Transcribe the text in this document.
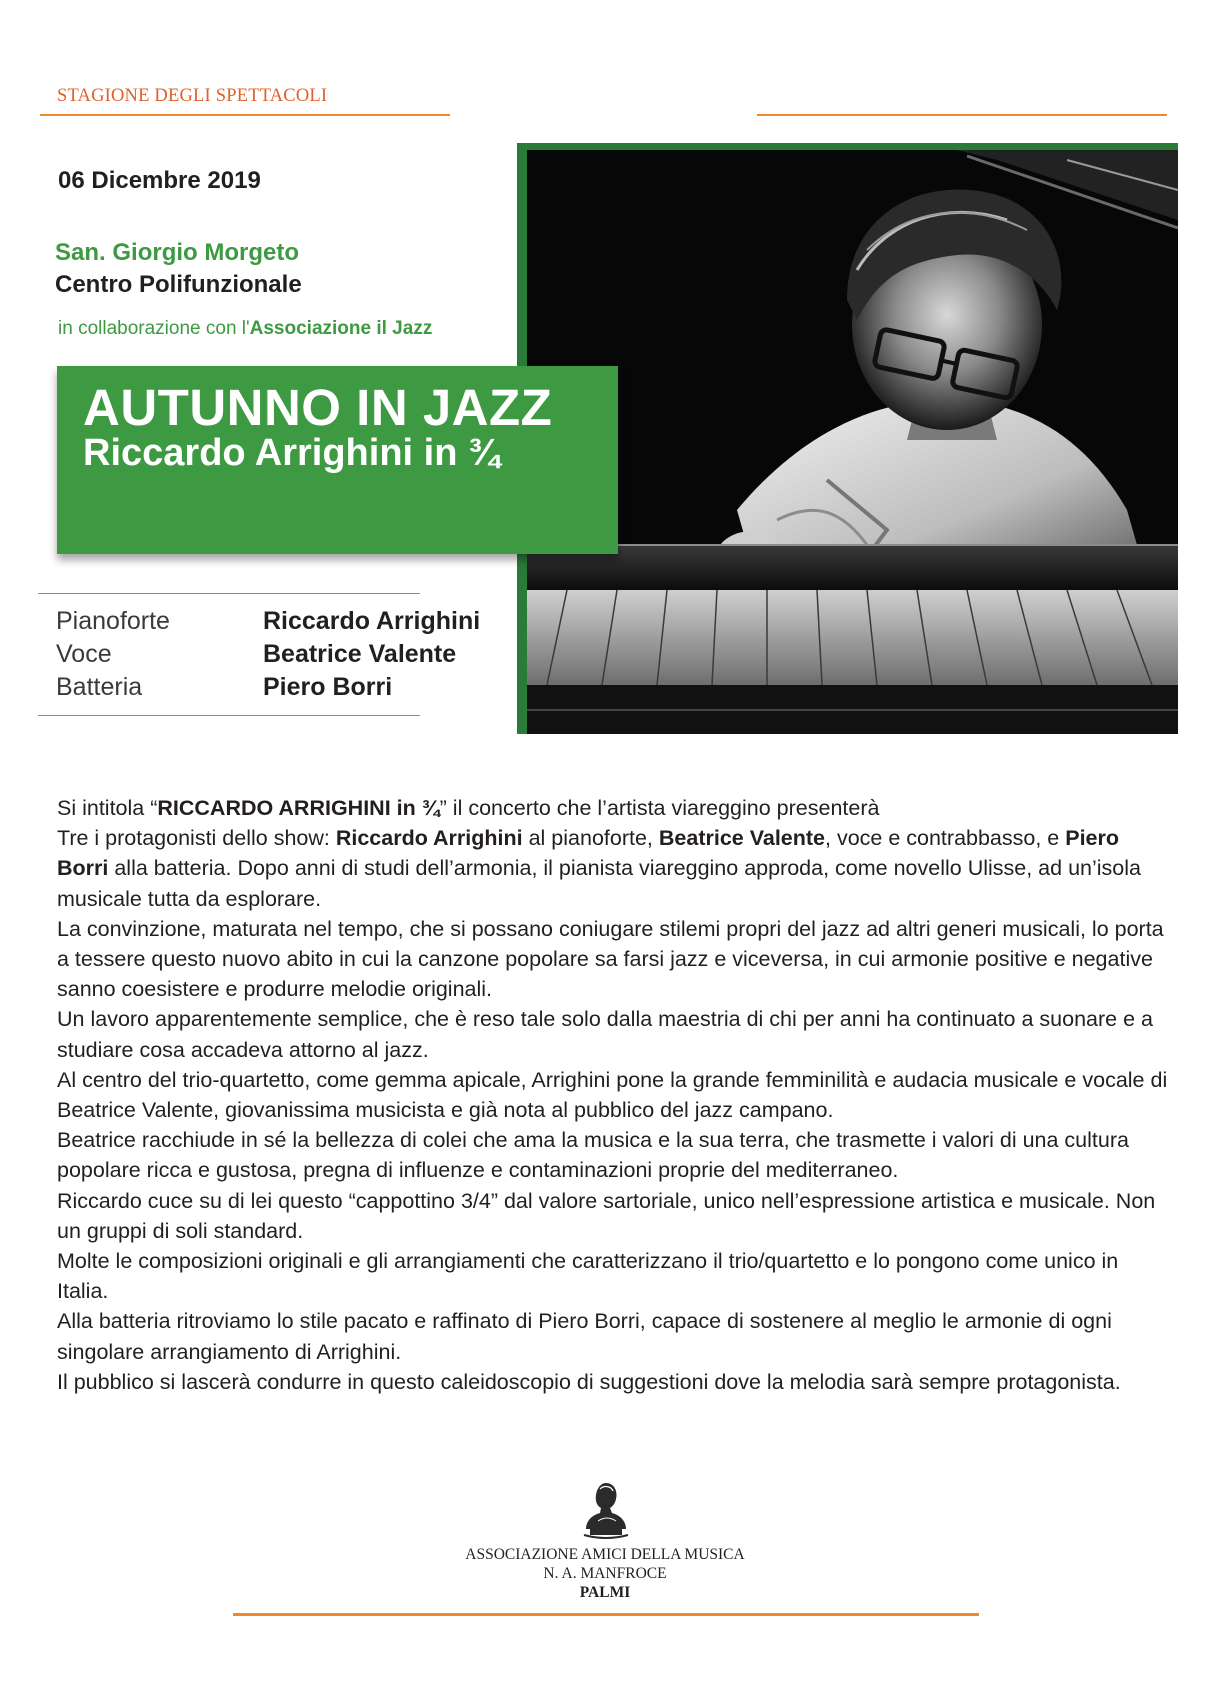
STAGIONE DEGLI SPETTACOLI
06 Dicembre 2019
San. Giorgio Morgeto
Centro Polifunzionale
in collaborazione con l'Associazione il Jazz
AUTUNNO IN JAZZ
Riccardo Arrighini in ¾
Pianoforte	Riccardo Arrighini
Voce	Beatrice Valente
Batteria	Piero Borri

Si intitola “RICCARDO ARRIGHINI in ¾” il concerto che l’artista viareggino presenterà

Tre i protagonisti dello show: Riccardo Arrighini al pianoforte, Beatrice Valente, voce e contrabbasso, e Piero Borri alla batteria. Dopo anni di studi dell’armonia, il pianista viareggino approda, come novello Ulisse, ad un’isola musicale tutta da esplorare.

La convinzione, maturata nel tempo, che si possano coniugare stilemi propri del jazz ad altri generi musicali, lo porta a tessere questo nuovo abito in cui la canzone popolare sa farsi jazz e viceversa, in cui armonie positive e negative sanno coesistere e produrre melodie originali.

Un lavoro apparentemente semplice, che è reso tale solo dalla maestria di chi per anni ha continuato a suonare e a studiare cosa accadeva attorno al jazz.

Al centro del trio-quartetto, come gemma apicale, Arrighini pone la grande femminilità e audacia musicale e vocale di Beatrice Valente, giovanissima musicista e già nota al pubblico del jazz campano.

Beatrice racchiude in sé la bellezza di colei che ama la musica e la sua terra, che trasmette i valori di una cultura popolare ricca e gustosa, pregna di influenze e contaminazioni proprie del mediterraneo.

Riccardo cuce su di lei questo “cappottino 3/4” dal valore sartoriale, unico nell’espressione artistica e musicale. Non un gruppi di soli standard.

Molte le composizioni originali e gli arrangiamenti che caratterizzano il trio/quartetto e lo pongono come unico in Italia.

Alla batteria ritroviamo lo stile pacato e raffinato di Piero Borri, capace di sostenere al meglio le armonie di ogni singolare arrangiamento di Arrighini.

Il pubblico si lascerà condurre in questo caleidoscopio di suggestioni dove la melodia sarà sempre protagonista.

ASSOCIAZIONE AMICI DELLA MUSICA
N. A. MANFROCE
PALMI
